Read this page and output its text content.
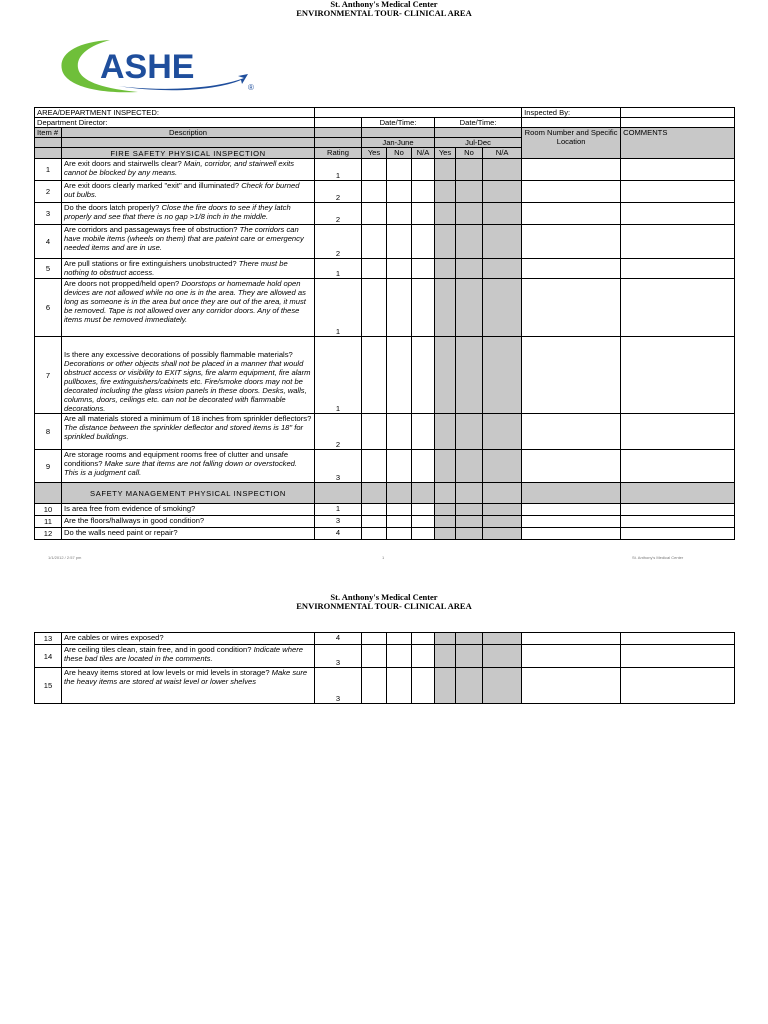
St. Anthony's Medical Center
ENVIRONMENTAL TOUR- CLINICAL AREA
ASHE
®
AREA/DEPARTMENT INSPECTED:									Inspected By:	
Department Director:			Date/Time:			Date/Time:				
Item #	Description								Room Number and Specific Location	COMMENTS
			Jan-June			Jul-Dec				
	FIRE SAFETY PHYSICAL INSPECTION	Rating	Yes	No	N/A	Yes	No	N/A		
1	Are exit doors and stairwells clear? Main, corridor, and stairwell exits cannot be blocked by any means.	1								
2	Are exit doors clearly marked "exit" and illuminated? Check for burned out bulbs.	2								
3	Do the doors latch properly? Close the fire doors to see if they latch properly and see that there is no gap >1/8 inch in the middle.	2								
4	Are corridors and passageways free of obstruction? The corridors can have mobile items (wheels on them) that are pateint care or emergency needed items and are in use.	2								
5	Are pull stations or fire extinguishers unobstructed? There must be nothing to obstruct access.	1								
6	Are doors not propped/held open? Doorstops or homemade hold open devices are not allowed while no one is in the area. They are allowed as long as someone is in the area but once they are out of the area, it must be removed. Tape is not allowed over any corridor doors. Any of these items must be removed immediately.	1								
7	Is there any excessive decorations of possibly flammable materials? Decorations or other objects shall not be placed in a manner that would obstruct access or visibility to EXIT signs, fire alarm equipment, fire alarm pullboxes, fire extinguishers/cabinets etc. Fire/smoke doors may not be decorated including the glass vision panels in these doors. Desks, walls, columns, doors, ceilings etc. can not be decorated with flammable decorations.	1								
8	Are all materials stored a minimum of 18 inches from sprinkler deflectors? The distance between the sprinkler deflector and stored items is 18" for sprinkled buildings.	2								
9	Are storage rooms and equipment rooms free of clutter and unsafe conditions? Make sure that items are not falling down or overstocked. This is a judgment call.	3								
	SAFETY MANAGEMENT PHYSICAL INSPECTION									
10	Is area free from evidence of smoking?	1								
11	Are the floors/hallways in good condition?	3								
12	Do the walls need paint or repair?	4								
1/1/2012 / 2:57 pm	1	St. Anthony's Medical Center
St. Anthony's Medical Center
ENVIRONMENTAL TOUR- CLINICAL AREA
13	Are cables or wires exposed?	4								
14	Are ceiling tiles clean, stain free, and in good condition? Indicate where these bad tiles are located in the comments.	3								
15	Are heavy items stored at low levels or mid levels in storage? Make sure the heavy items are stored at waist level or lower shelves	3								
